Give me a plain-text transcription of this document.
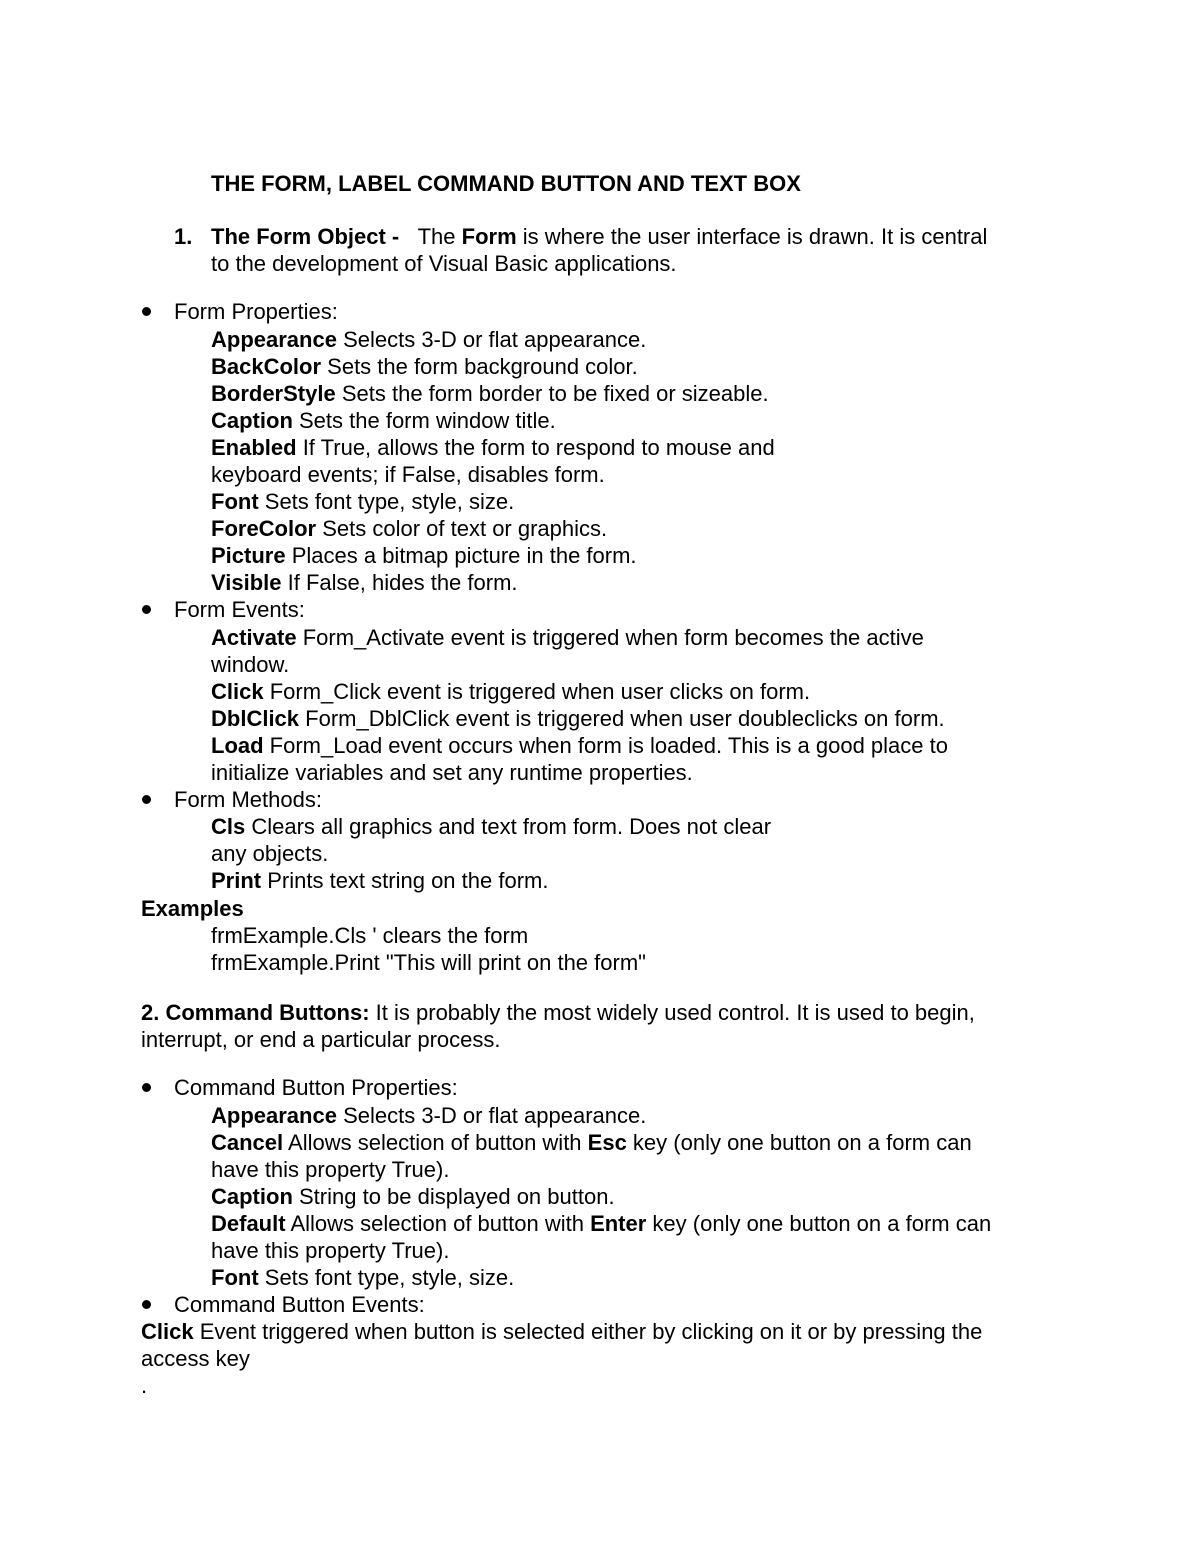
THE FORM, LABEL COMMAND BUTTON AND TEXT BOX
1. The Form Object - The Form is where the user interface is drawn. It is central
to the development of Visual Basic applications.
Form Properties:
Appearance Selects 3-D or flat appearance.
BackColor Sets the form background color.
BorderStyle Sets the form border to be fixed or sizeable.
Caption Sets the form window title.
Enabled If True, allows the form to respond to mouse and
keyboard events; if False, disables form.
Font Sets font type, style, size.
ForeColor Sets color of text or graphics.
Picture Places a bitmap picture in the form.
Visible If False, hides the form.
Form Events:
Activate Form_Activate event is triggered when form becomes the active
window.
Click Form_Click event is triggered when user clicks on form.
DblClick Form_DblClick event is triggered when user doubleclicks on form.
Load Form_Load event occurs when form is loaded. This is a good place to
initialize variables and set any runtime properties.
Form Methods:
Cls Clears all graphics and text from form. Does not clear
any objects.
Print Prints text string on the form.
Examples
frmExample.Cls ' clears the form
frmExample.Print "This will print on the form"
2. Command Buttons: It is probably the most widely used control. It is used to begin,
interrupt, or end a particular process.
Command Button Properties:
Appearance Selects 3-D or flat appearance.
Cancel Allows selection of button with Esc key (only one button on a form can
have this property True).
Caption String to be displayed on button.
Default Allows selection of button with Enter key (only one button on a form can
have this property True).
Font Sets font type, style, size.
Command Button Events:
Click Event triggered when button is selected either by clicking on it or by pressing the
access key
.
